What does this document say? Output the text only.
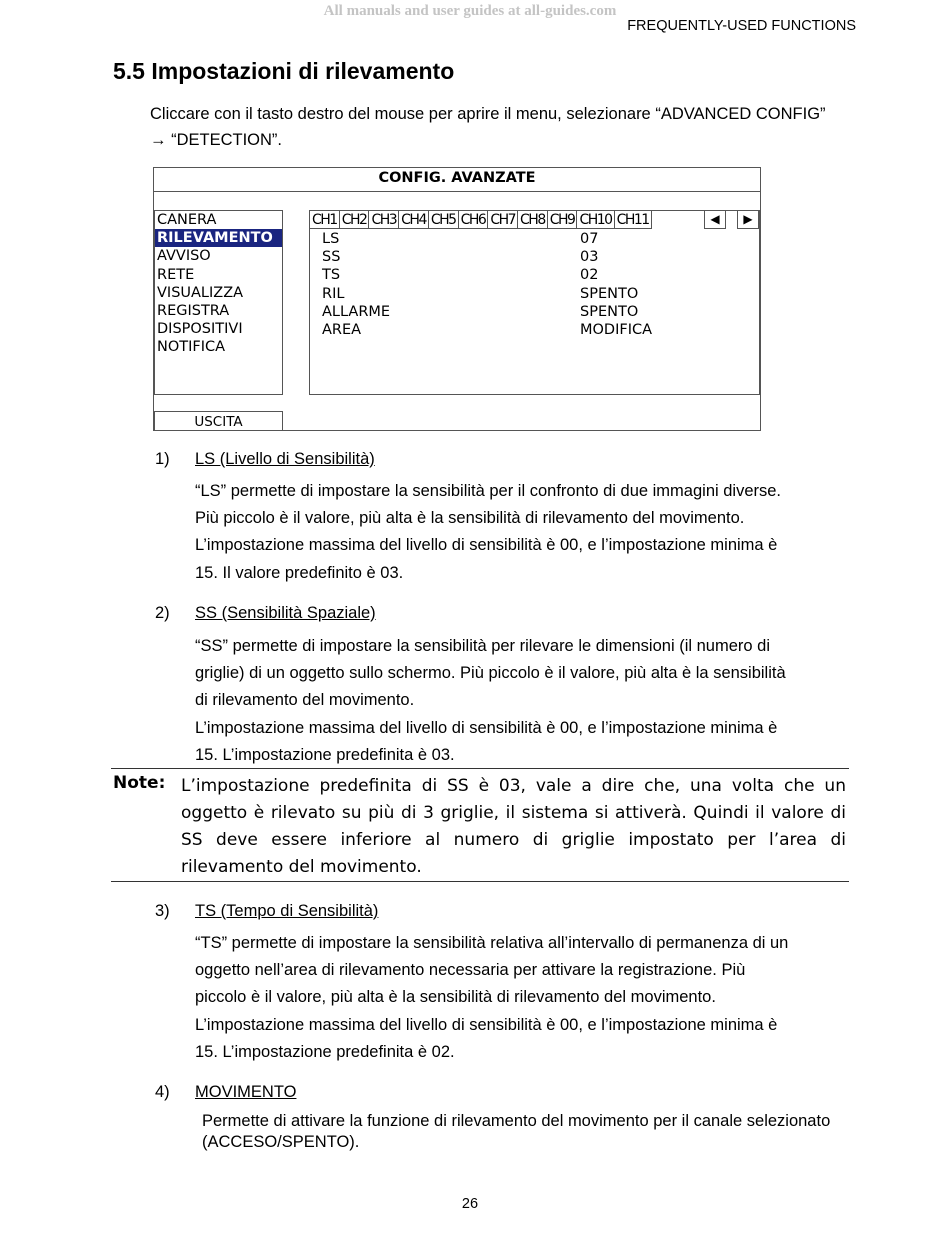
All manuals and user guides at all-guides.com
FREQUENTLY-USED FUNCTIONS
5.5 Impostazioni di rilevamento
Cliccare con il tasto destro del mouse per aprire il menu, selezionare “ADVANCED CONFIG” → “DETECTION”.
CONFIG. AVANZATE
CANERA
RILEVAMENTO
AVVISO
RETE
VISUALIZZA
REGISTRA
DISPOSITIVI
NOTIFICA
USCITA
CH1 CH2 CH3 CH4 CH5 CH6 CH7 CH8 CH9 CH10 CH11	◀	▶
LS	07
SS	03
TS	02
RIL	SPENTO
ALLARME	SPENTO
AREA	MODIFICA
1) LS (Livello di Sensibilità)
“LS” permette di impostare la sensibilità per il confronto di due immagini diverse.
Più piccolo è il valore, più alta è la sensibilità di rilevamento del movimento.
L’impostazione massima del livello di sensibilità è 00, e l’impostazione minima è
15. Il valore predefinito è 03.
2) SS (Sensibilità Spaziale)
“SS” permette di impostare la sensibilità per rilevare le dimensioni (il numero di
griglie) di un oggetto sullo schermo. Più piccolo è il valore, più alta è la sensibilità
di rilevamento del movimento.
L’impostazione massima del livello di sensibilità è 00, e l’impostazione minima è
15. L’impostazione predefinita è 03.
Note: L’impostazione predefinita di SS è 03, vale a dire che, una volta che un oggetto è rilevato su più di 3 griglie, il sistema si attiverà. Quindi il valore di SS deve essere inferiore al numero di griglie impostato per l’area di rilevamento del movimento.
3) TS (Tempo di Sensibilità)
“TS” permette di impostare la sensibilità relativa all’intervallo di permanenza di un
oggetto nell’area di rilevamento necessaria per attivare la registrazione. Più
piccolo è il valore, più alta è la sensibilità di rilevamento del movimento.
L’impostazione massima del livello di sensibilità è 00, e l’impostazione minima è
15. L’impostazione predefinita è 02.
4) MOVIMENTO
Permette di attivare la funzione di rilevamento del movimento per il canale selezionato (ACCESO/SPENTO).
26
